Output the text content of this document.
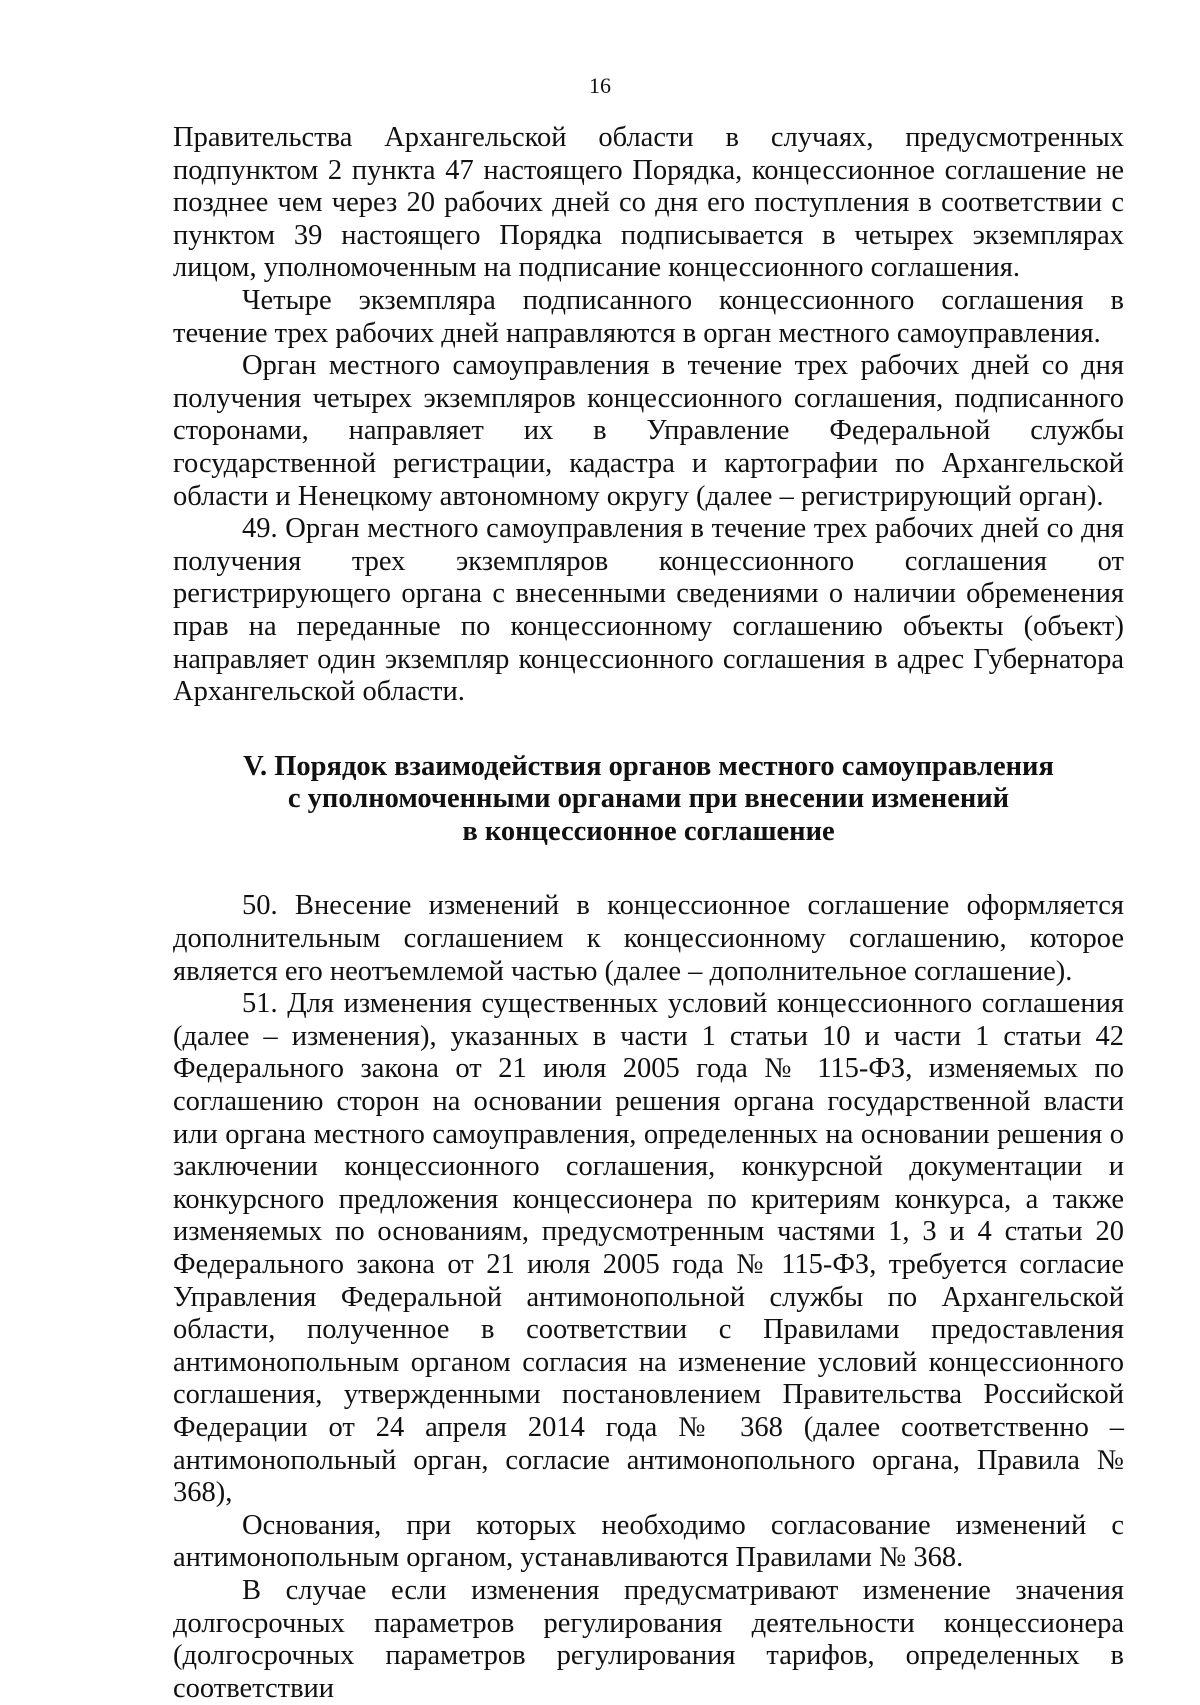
16

Правительства Архангельской области в случаях, предусмотренных подпунктом 2 пункта 47 настоящего Порядка, концессионное соглашение не позднее чем через 20 рабочих дней со дня его поступления в соответствии с пунктом 39 настоящего Порядка подписывается в четырех экземплярах лицом, уполномоченным на подписание концессионного соглашения.

Четыре экземпляра подписанного концессионного соглашения в течение трех рабочих дней направляются в орган местного самоуправления.

Орган местного самоуправления в течение трех рабочих дней со дня получения четырех экземпляров концессионного соглашения, подписанного сторонами, направляет их в Управление Федеральной службы государственной регистрации, кадастра и картографии по Архангельской области и Ненецкому автономному округу (далее – регистрирующий орган).

49. Орган местного самоуправления в течение трех рабочих дней со дня получения трех экземпляров концессионного соглашения от регистрирующего органа с внесенными сведениями о наличии обременения прав на переданные по концессионному соглашению объекты (объект) направляет один экземпляр концессионного соглашения в адрес Губернатора Архангельской области.

V. Порядок взаимодействия органов местного самоуправления
с уполномоченными органами при внесении изменений
в концессионное соглашение

50. Внесение изменений в концессионное соглашение оформляется дополнительным соглашением к концессионному соглашению, которое является его неотъемлемой частью (далее – дополнительное соглашение).

51. Для изменения существенных условий концессионного соглашения (далее – изменения), указанных в части 1 статьи 10 и части 1 статьи 42 Федерального закона от 21 июля 2005 года № 115-ФЗ, изменяемых по соглашению сторон на основании решения органа государственной власти или органа местного самоуправления, определенных на основании решения о заключении концессионного соглашения, конкурсной документации и конкурсного предложения концессионера по критериям конкурса, а также изменяемых по основаниям, предусмотренным частями 1, 3 и 4 статьи 20 Федерального закона от 21 июля 2005 года № 115-ФЗ, требуется согласие Управления Федеральной антимонопольной службы по Архангельской области, полученное в соответствии с Правилами предоставления антимонопольным органом согласия на изменение условий концессионного соглашения, утвержденными постановлением Правительства Российской Федерации от 24 апреля 2014 года № 368 (далее соответственно – антимонопольный орган, согласие антимонопольного органа, Правила № 368),

Основания, при которых необходимо согласование изменений с антимонопольным органом, устанавливаются Правилами № 368.

В случае если изменения предусматривают изменение значения долгосрочных параметров регулирования деятельности концессионера (долгосрочных параметров регулирования тарифов, определенных в соответствии
